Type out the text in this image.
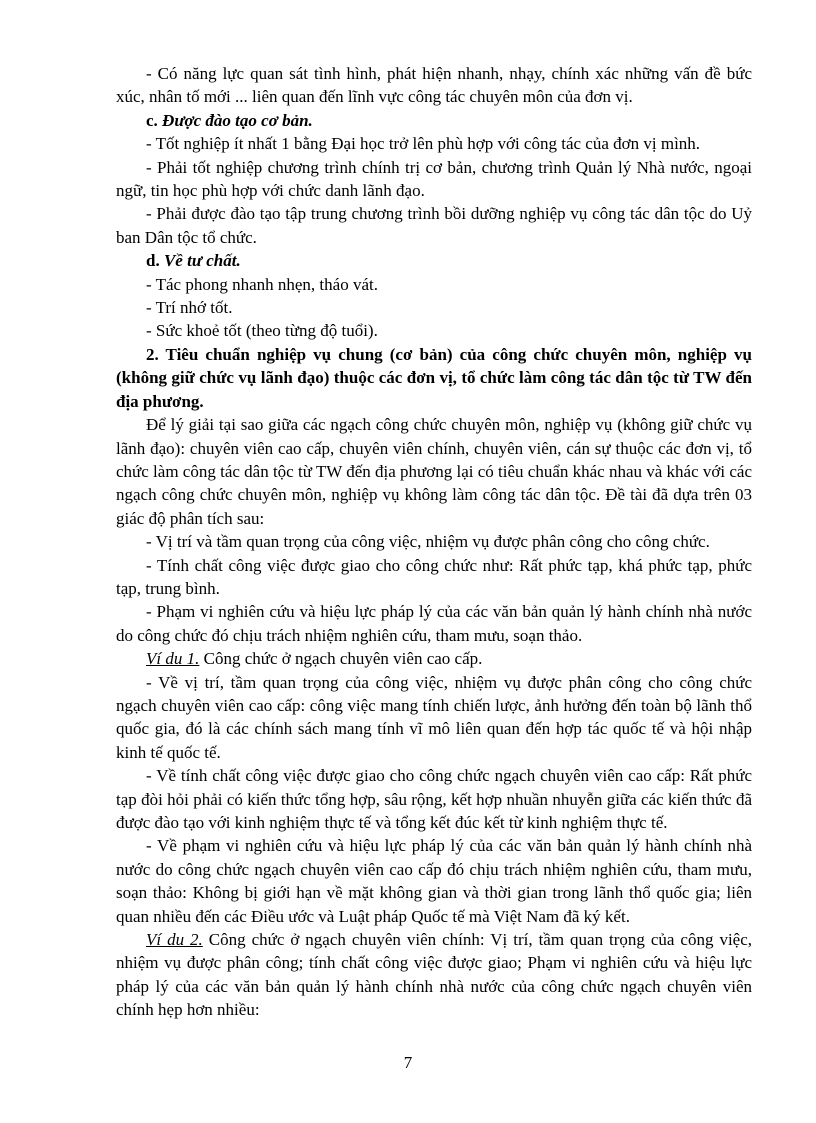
- Có năng lực quan sát tình hình, phát hiện nhanh, nhạy, chính xác những vấn đề bức xúc, nhân tố mới ... liên quan đến lĩnh vực công tác chuyên môn của đơn vị.

c. Được đào tạo cơ bản.

- Tốt nghiệp ít nhất 1 bằng Đại học trở lên phù hợp với công tác của đơn vị mình.

- Phải tốt nghiệp chương trình chính trị cơ bản, chương trình Quản lý Nhà nước, ngoại ngữ, tin học phù hợp với chức danh lãnh đạo.

- Phải được đào tạo tập trung chương trình bồi dưỡng nghiệp vụ công tác dân tộc do Uỷ ban Dân tộc tổ chức.

d. Về tư chất.

- Tác phong nhanh nhẹn, tháo vát.

- Trí nhớ tốt.

- Sức khoẻ tốt (theo từng độ tuổi).

2. Tiêu chuẩn nghiệp vụ chung (cơ bản) của công chức chuyên môn, nghiệp vụ (không giữ chức vụ lãnh đạo) thuộc các đơn vị, tổ chức làm công tác dân tộc từ TW đến địa phương.

Để lý giải tại sao giữa các ngạch công chức chuyên môn, nghiệp vụ (không giữ chức vụ lãnh đạo): chuyên viên cao cấp, chuyên viên chính, chuyên viên, cán sự thuộc các đơn vị, tổ chức làm công tác dân tộc từ TW đến địa phương lại có tiêu chuẩn khác nhau và khác với các ngạch công chức chuyên môn, nghiệp vụ không làm công tác dân tộc. Đề tài đã dựa trên 03 giác độ phân tích sau:

- Vị trí và tầm quan trọng của công việc, nhiệm vụ được phân công cho công chức.

- Tính chất công việc được giao cho công chức như: Rất phức tạp, khá phức tạp, phức tạp, trung bình.

- Phạm vi nghiên cứu và hiệu lực pháp lý của các văn bản quản lý hành chính nhà nước do công chức đó chịu trách nhiệm nghiên cứu, tham mưu, soạn thảo.

Ví du 1. Công chức ở ngạch chuyên viên cao cấp.

- Về vị trí, tầm quan trọng của công việc, nhiệm vụ được phân công cho công chức ngạch chuyên viên cao cấp: công việc mang tính chiến lược, ảnh hưởng đến toàn bộ lãnh thổ quốc gia, đó là các chính sách mang tính vĩ mô liên quan đến hợp tác quốc tế và hội nhập kinh tế quốc tế.

- Về tính chất công việc được giao cho công chức ngạch chuyên viên cao cấp: Rất phức tạp đòi hỏi phải có kiến thức tổng hợp, sâu rộng, kết hợp nhuần nhuyễn giữa các kiến thức đã được đào tạo với kinh nghiệm thực tế và tổng kết đúc kết từ kinh nghiệm thực tế.

- Về phạm vi nghiên cứu và hiệu lực pháp lý của các văn bản quản lý hành chính nhà nước do công chức ngạch chuyên viên cao cấp đó chịu trách nhiệm nghiên cứu, tham mưu, soạn thảo: Không bị giới hạn về mặt không gian và thời gian trong lãnh thổ quốc gia; liên quan nhiều đến các Điều ước và Luật pháp Quốc tế mà Việt Nam đã ký kết.

Ví du 2. Công chức ở ngạch chuyên viên chính: Vị trí, tầm quan trọng của công việc, nhiệm vụ được phân công; tính chất công việc được giao; Phạm vi nghiên cứu và hiệu lực pháp lý của các văn bản quản lý hành chính nhà nước của công chức ngạch chuyên viên chính hẹp hơn nhiều:

7
